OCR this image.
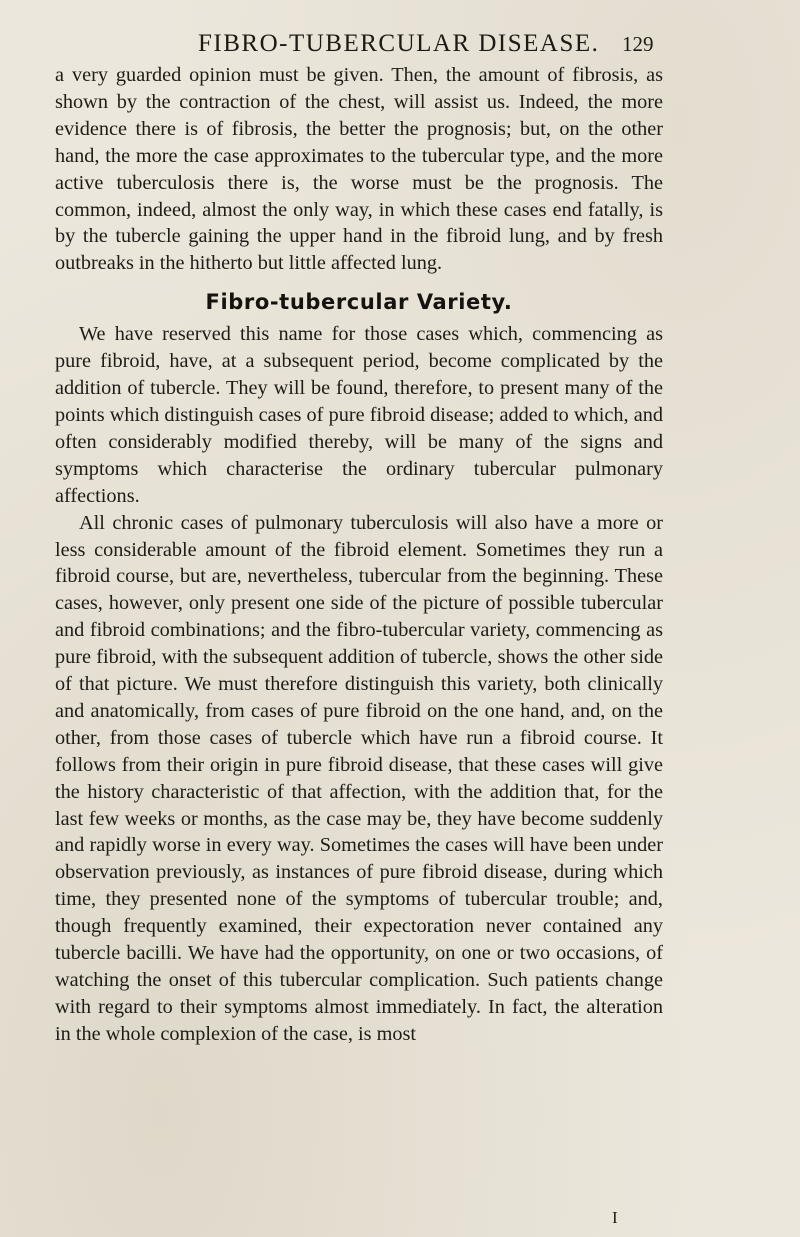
FIBRO-TUBERCULAR DISEASE. 129

a very guarded opinion must be given. Then, the amount of fibrosis, as shown by the contraction of the chest, will assist us. Indeed, the more evidence there is of fibrosis, the better the prognosis; but, on the other hand, the more the case approximates to the tubercular type, and the more active tuberculosis there is, the worse must be the prognosis. The common, indeed, almost the only way, in which these cases end fatally, is by the tubercle gaining the upper hand in the fibroid lung, and by fresh outbreaks in the hitherto but little affected lung.

Fibro-tubercular Variety.

We have reserved this name for those cases which, commencing as pure fibroid, have, at a subsequent period, become complicated by the addition of tubercle. They will be found, therefore, to present many of the points which distinguish cases of pure fibroid disease; added to which, and often considerably modified thereby, will be many of the signs and symptoms which characterise the ordinary tubercular pulmonary affections.

All chronic cases of pulmonary tuberculosis will also have a more or less considerable amount of the fibroid element. Sometimes they run a fibroid course, but are, nevertheless, tubercular from the beginning. These cases, however, only present one side of the picture of possible tubercular and fibroid combinations; and the fibro-tubercular variety, commencing as pure fibroid, with the subsequent addition of tubercle, shows the other side of that picture. We must therefore distinguish this variety, both clinically and anatomically, from cases of pure fibroid on the one hand, and, on the other, from those cases of tubercle which have run a fibroid course. It follows from their origin in pure fibroid disease, that these cases will give the history characteristic of that affection, with the addition that, for the last few weeks or months, as the case may be, they have become suddenly and rapidly worse in every way. Sometimes the cases will have been under observation previously, as instances of pure fibroid disease, during which time, they presented none of the symptoms of tubercular trouble; and, though frequently examined, their expectoration never contained any tubercle bacilli. We have had the opportunity, on one or two occasions, of watching the onset of this tubercular complication. Such patients change with regard to their symptoms almost immediately. In fact, the alteration in the whole complexion of the case, is most

I
